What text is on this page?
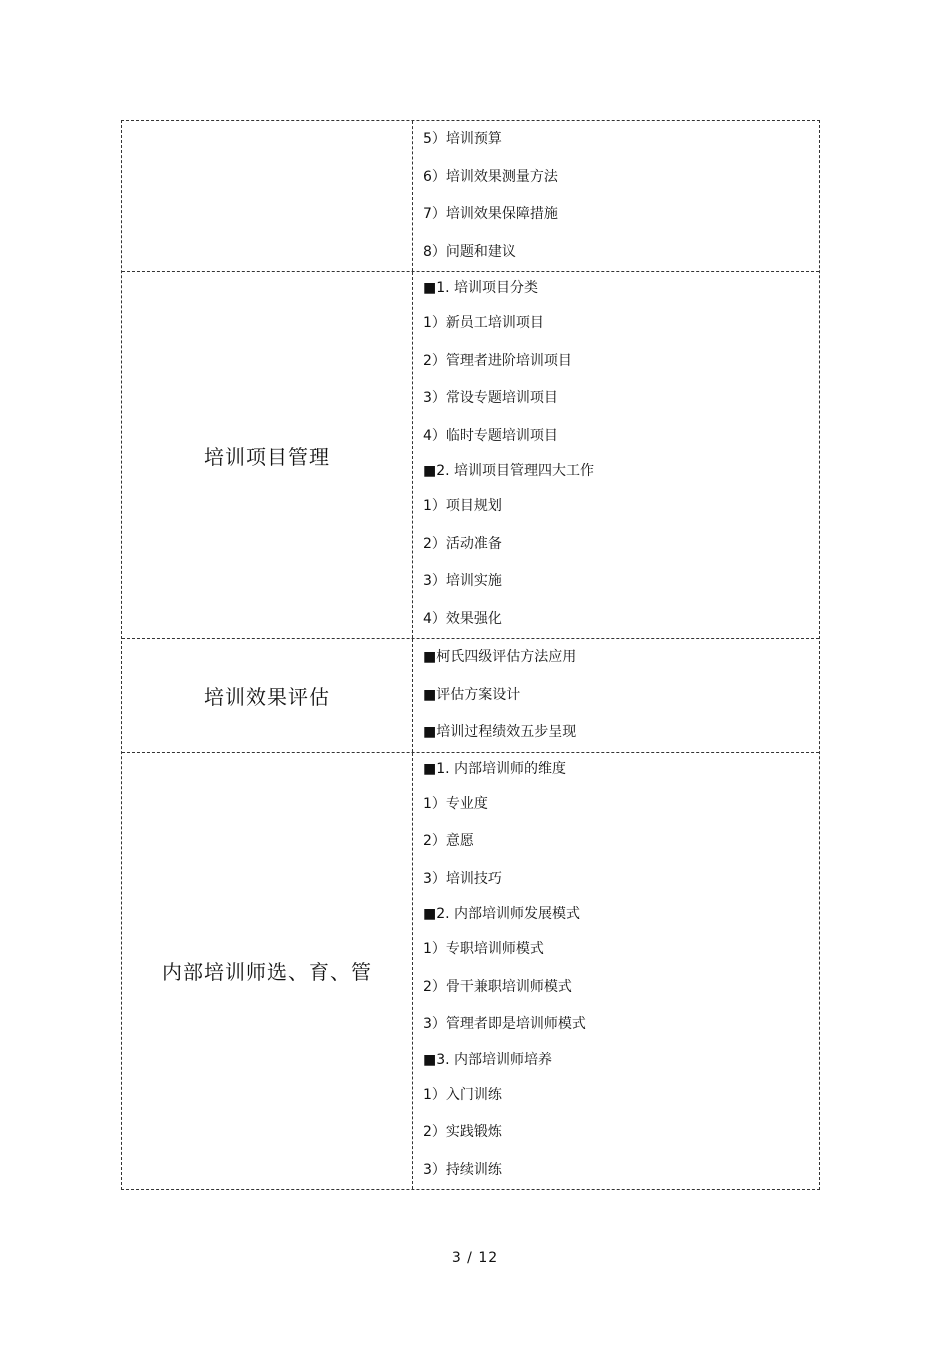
5）培训预算
6）培训效果测量方法
7）培训效果保障措施
8）问题和建议
培训项目管理
■1. 培训项目分类
1）新员工培训项目
2）管理者进阶培训项目
3）常设专题培训项目
4）临时专题培训项目
■2. 培训项目管理四大工作
1）项目规划
2）活动准备
3）培训实施
4）效果强化
培训效果评估
■柯氏四级评估方法应用
■评估方案设计
■培训过程绩效五步呈现
内部培训师选、育、管
■1. 内部培训师的维度
1）专业度
2）意愿
3）培训技巧
■2. 内部培训师发展模式
1）专职培训师模式
2）骨干兼职培训师模式
3）管理者即是培训师模式
■3. 内部培训师培养
1）入门训练
2）实践锻炼
3）持续训练
3 / 12
